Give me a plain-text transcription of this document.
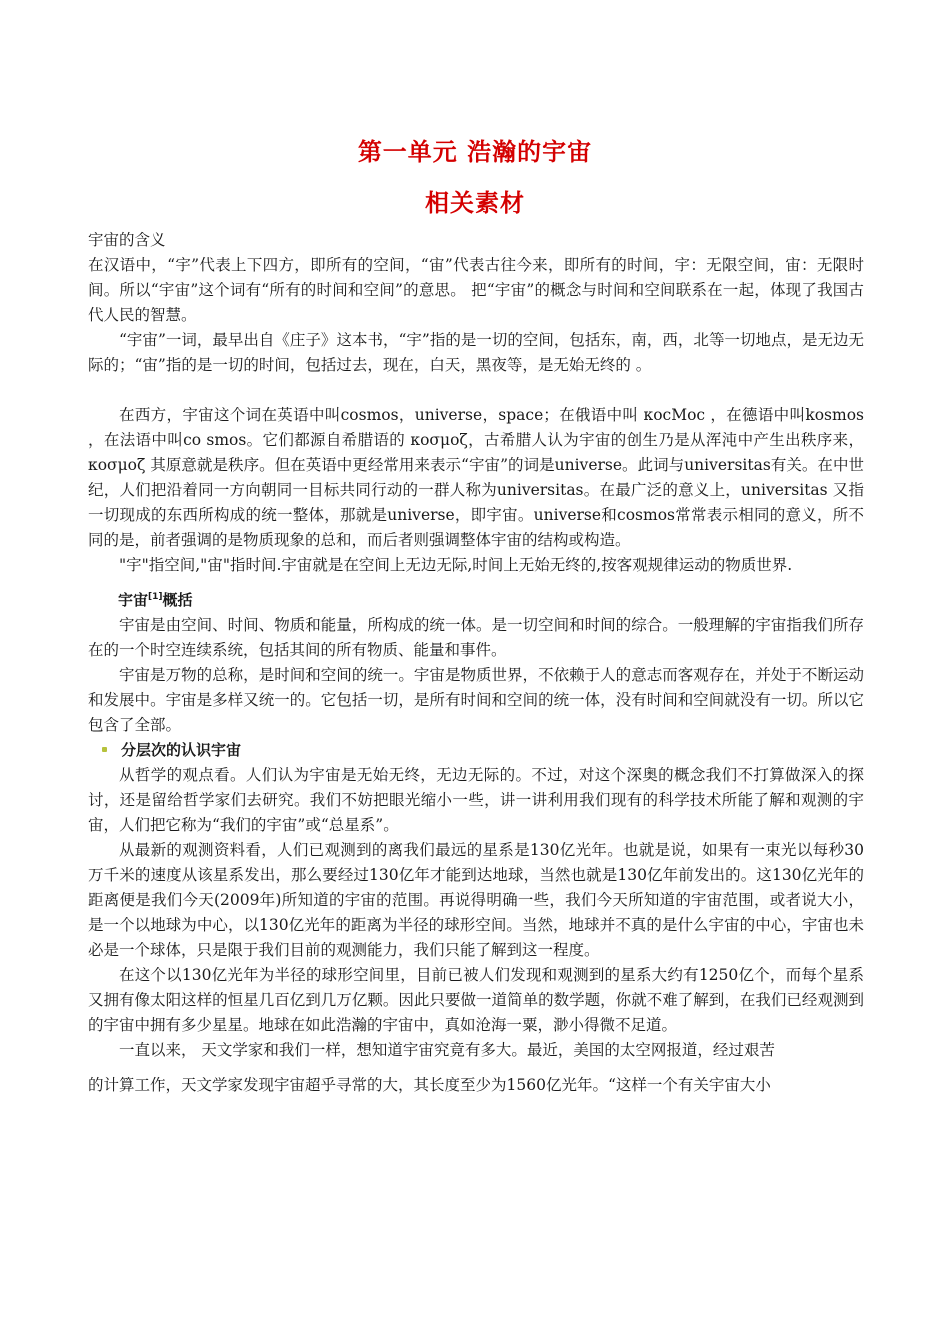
第一单元 浩瀚的宇宙
相关素材

宇宙的含义

在汉语中，“宇”代表上下四方，即所有的空间，“宙”代表古往今来，即所有的时间，宇：无限空间，宙：无限时间。所以“宇宙”这个词有“所有的时间和空间”的意思。 把“宇宙”的概念与时间和空间联系在一起，体现了我国古代人民的智慧。

“宇宙”一词，最早出自《庄子》这本书，“宇”指的是一切的空间，包括东，南，西，北等一切地点，是无边无际的；“宙”指的是一切的时间，包括过去，现在，白天，黑夜等，是无始无终的 。

在西方，宇宙这个词在英语中叫cosmos，universe，space；在俄语中叫 κocMoc ，在德语中叫kosmos ，在法语中叫co smos。它们都源自希腊语的 κοσμοζ，古希腊人认为宇宙的创生乃是从浑沌中产生出秩序来， κοσμοζ 其原意就是秩序。但在英语中更经常用来表示“宇宙”的词是universe。此词与universitas有关。在中世纪，人们把沿着同一方向朝同一目标共同行动的一群人称为universitas。在最广泛的意义上，universitas 又指一切现成的东西所构成的统一整体，那就是universe，即宇宙。universe和cosmos常常表示相同的意义，所不同的是，前者强调的是物质现象的总和，而后者则强调整体宇宙的结构或构造。

"宇"指空间,"宙"指时间.宇宙就是在空间上无边无际,时间上无始无终的,按客观规律运动的物质世界.

宇宙[1]概括

宇宙是由空间、时间、物质和能量，所构成的统一体。是一切空间和时间的综合。一般理解的宇宙指我们所存在的一个时空连续系统，包括其间的所有物质、能量和事件。

宇宙是万物的总称，是时间和空间的统一。宇宙是物质世界，不依赖于人的意志而客观存在，并处于不断运动和发展中。宇宙是多样又统一的。它包括一切，是所有时间和空间的统一体，没有时间和空间就没有一切。所以它包含了全部。

分层次的认识宇宙

从哲学的观点看。人们认为宇宙是无始无终，无边无际的。不过，对这个深奥的概念我们不打算做深入的探讨，还是留给哲学家们去研究。我们不妨把眼光缩小一些，讲一讲利用我们现有的科学技术所能了解和观测的宇宙，人们把它称为“我们的宇宙”或“总星系”。

从最新的观测资料看，人们已观测到的离我们最远的星系是130亿光年。也就是说，如果有一束光以每秒30万千米的速度从该星系发出，那么要经过130亿年才能到达地球，当然也就是130亿年前发出的。这130亿光年的距离便是我们今天(2009年)所知道的宇宙的范围。再说得明确一些，我们今天所知道的宇宙范围，或者说大小，是一个以地球为中心，以130亿光年的距离为半径的球形空间。当然，地球并不真的是什么宇宙的中心，宇宙也未必是一个球体，只是限于我们目前的观测能力，我们只能了解到这一程度。

在这个以130亿光年为半径的球形空间里，目前已被人们发现和观测到的星系大约有1250亿个，而每个星系又拥有像太阳这样的恒星几百亿到几万亿颗。因此只要做一道简单的数学题，你就不难了解到，在我们已经观测到的宇宙中拥有多少星星。地球在如此浩瀚的宇宙中，真如沧海一粟，渺小得微不足道。

一直以来， 天文学家和我们一样，想知道宇宙究竟有多大。最近，美国的太空网报道，经过艰苦

的计算工作，天文学家发现宇宙超乎寻常的大，其长度至少为1560亿光年。“这样一个有关宇宙大小
